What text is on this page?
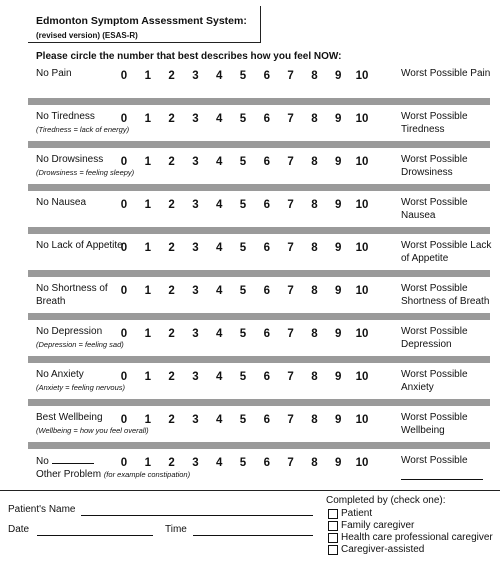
Edmonton Symptom Assessment System:
(revised version) (ESAS-R)
Please circle the number that best describes how you feel NOW:
No Pain	0	1	2	3	4	5	6	7	8	9	10	Worst Possible Pain
No Tiredness
(Tiredness = lack of energy)
0	1	2	3	4	5	6	7	8	9	10	Worst Possible Tiredness
No Drowsiness
(Drowsiness = feeling sleepy)
0	1	2	3	4	5	6	7	8	9	10	Worst Possible Drowsiness
No Nausea	0	1	2	3	4	5	6	7	8	9	10	Worst Possible Nausea
No Lack of Appetite
0	1	2	3	4	5	6	7	8	9	10	Worst Possible Lack of Appetite
No Shortness of Breath
0	1	2	3	4	5	6	7	8	9	10	Worst Possible Shortness of Breath
No Depression
(Depression = feeling sad)
0	1	2	3	4	5	6	7	8	9	10	Worst Possible Depression
No Anxiety
(Anxiety = feeling nervous)
0	1	2	3	4	5	6	7	8	9	10	Worst Possible Anxiety
Best Wellbeing
(Wellbeing = how you feel overall)
0	1	2	3	4	5	6	7	8	9	10	Worst Possible Wellbeing
No
Other Problem (for example constipation)
0	1	2	3	4	5	6	7	8	9	10	Worst Possible
Patient's Name
Date	Time
Completed by (check one):
Patient
Family caregiver
Health care professional caregiver
Caregiver-assisted
